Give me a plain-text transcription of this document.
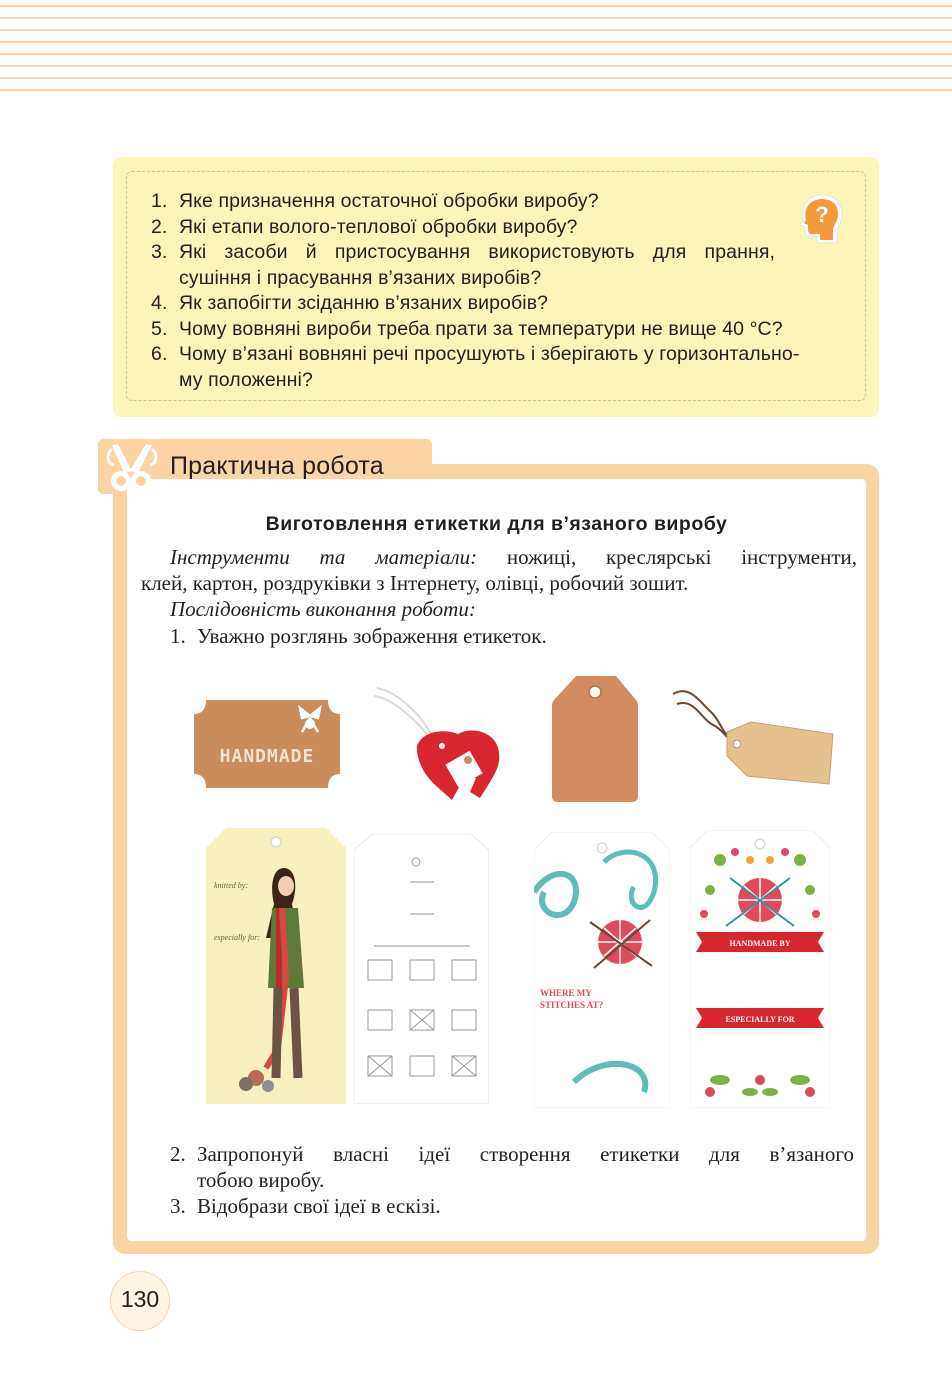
1. Яке призначення остаточної обробки виробу?
2. Які етапи волого-теплової обробки виробу?
3. Які засоби й пристосування використовують для прання,
сушіння і прасування в’язаних виробів?
4. Як запобігти зсіданню в’язаних виробів?
5. Чому вовняні вироби треба прати за температури не вище 40 °C?
6. Чому в’язані вовняні речі просушують і зберігають у горизонтально-
му положенні?
?
Практична робота
Виготовлення етикетки для в’язаного виробу
Інструменти та матеріали: ножиці, креслярські інструменти,
клей, картон, роздруківки з Інтернету, олівці, робочий зошит.
Послідовність виконання роботи:
1. Уважно розглянь зображення етикеток.
HANDMADE
knitted by:
especially for:
WHERE MY
STITCHES AT?
HANDMADE BY
ESPECIALLY FOR
2. Запропонуй власні ідеї створення етикетки для в’язаного
тобою виробу.
3. Відобрази свої ідеї в ескізі.
130
